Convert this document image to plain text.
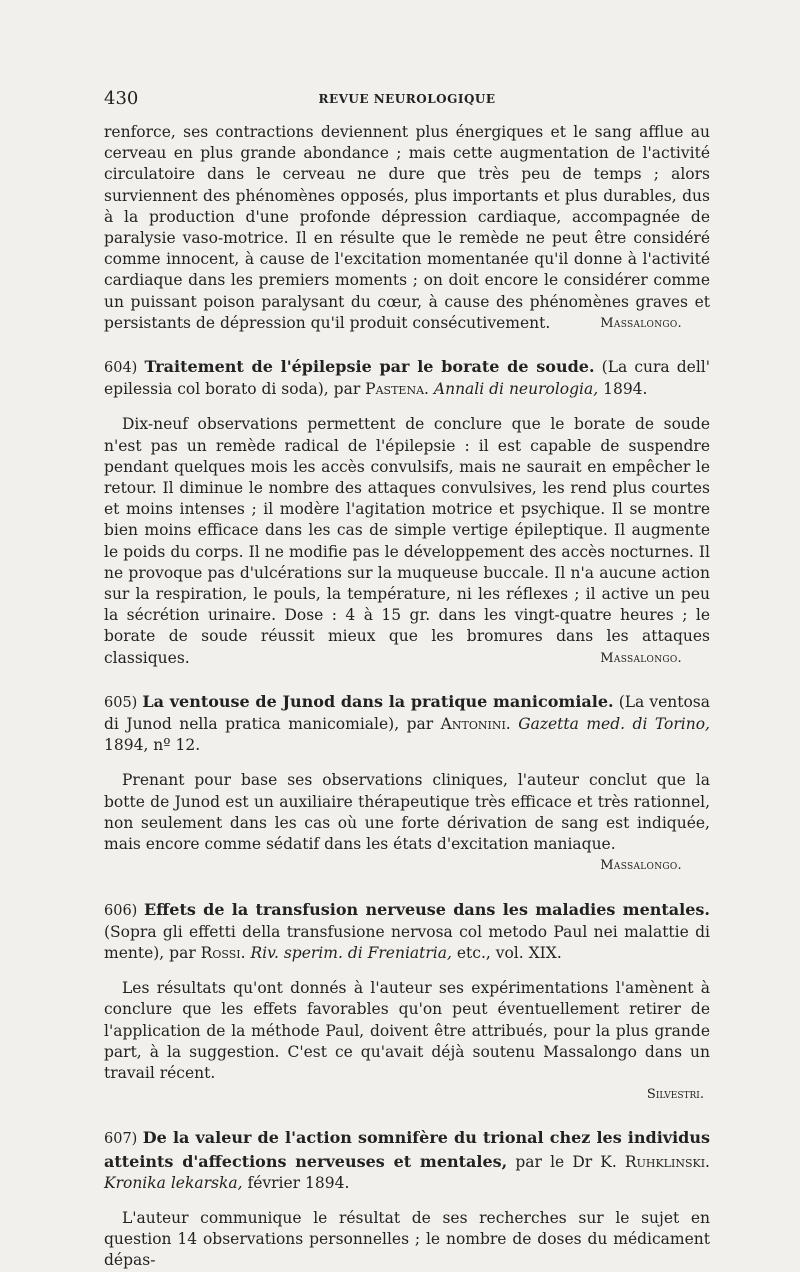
430	REVUE NEUROLOGIQUE

renforce, ses contractions deviennent plus énergiques et le sang afflue au cerveau en plus grande abondance ; mais cette augmentation de l'activité circulatoire dans le cerveau ne dure que très peu de temps ; alors surviennent des phénomènes opposés, plus importants et plus durables, dus à la production d'une profonde dépression cardiaque, accompagnée de paralysie vaso-motrice. Il en résulte que le remède ne peut être considéré comme innocent, à cause de l'excitation momentanée qu'il donne à l'activité cardiaque dans les premiers moments ; on doit encore le considérer comme un puissant poison paralysant du cœur, à cause des phénomènes graves et persistants de dépression qu'il produit consécutivement.	Massalongo.

604) Traitement de l'épilepsie par le borate de soude. (La cura dell' epilessia col borato di soda), par Pastena. Annali di neurologia, 1894.

Dix-neuf observations permettent de conclure que le borate de soude n'est pas un remède radical de l'épilepsie : il est capable de suspendre pendant quelques mois les accès convulsifs, mais ne saurait en empêcher le retour. Il diminue le nombre des attaques convulsives, les rend plus courtes et moins intenses ; il modère l'agitation motrice et psychique. Il se montre bien moins efficace dans les cas de simple vertige épileptique. Il augmente le poids du corps. Il ne modifie pas le développement des accès nocturnes. Il ne provoque pas d'ulcérations sur la muqueuse buccale. Il n'a aucune action sur la respiration, le pouls, la température, ni les réflexes ; il active un peu la sécrétion urinaire. Dose : 4 à 15 gr. dans les vingt-quatre heures ; le borate de soude réussit mieux que les bromures dans les attaques classiques.	Massalongo.

605) La ventouse de Junod dans la pratique manicomiale. (La ventosa di Junod nella pratica manicomiale), par Antonini. Gazetta med. di Torino, 1894, nº 12.

Prenant pour base ses observations cliniques, l'auteur conclut que la botte de Junod est un auxiliaire thérapeutique très efficace et très rationnel, non seulement dans les cas où une forte dérivation de sang est indiquée, mais encore comme sédatif dans les états d'excitation maniaque.
Massalongo.

606) Effets de la transfusion nerveuse dans les maladies mentales. (Sopra gli effetti della transfusione nervosa col metodo Paul nei malattie di mente), par Rossi. Riv. sperim. di Freniatria, etc., vol. XIX.

Les résultats qu'ont donnés à l'auteur ses expérimentations l'amènent à conclure que les effets favorables qu'on peut éventuellement retirer de l'application de la méthode Paul, doivent être attribués, pour la plus grande part, à la suggestion. C'est ce qu'avait déjà soutenu Massalongo dans un travail récent.

Silvestri.

607) De la valeur de l'action somnifère du trional chez les individus atteints d'affections nerveuses et mentales, par le Dr K. Ruhklinski. Kronika lekarska, février 1894.

L'auteur communique le résultat de ses recherches sur le sujet en question 14 observations personnelles ; le nombre de doses du médicament dépas-
